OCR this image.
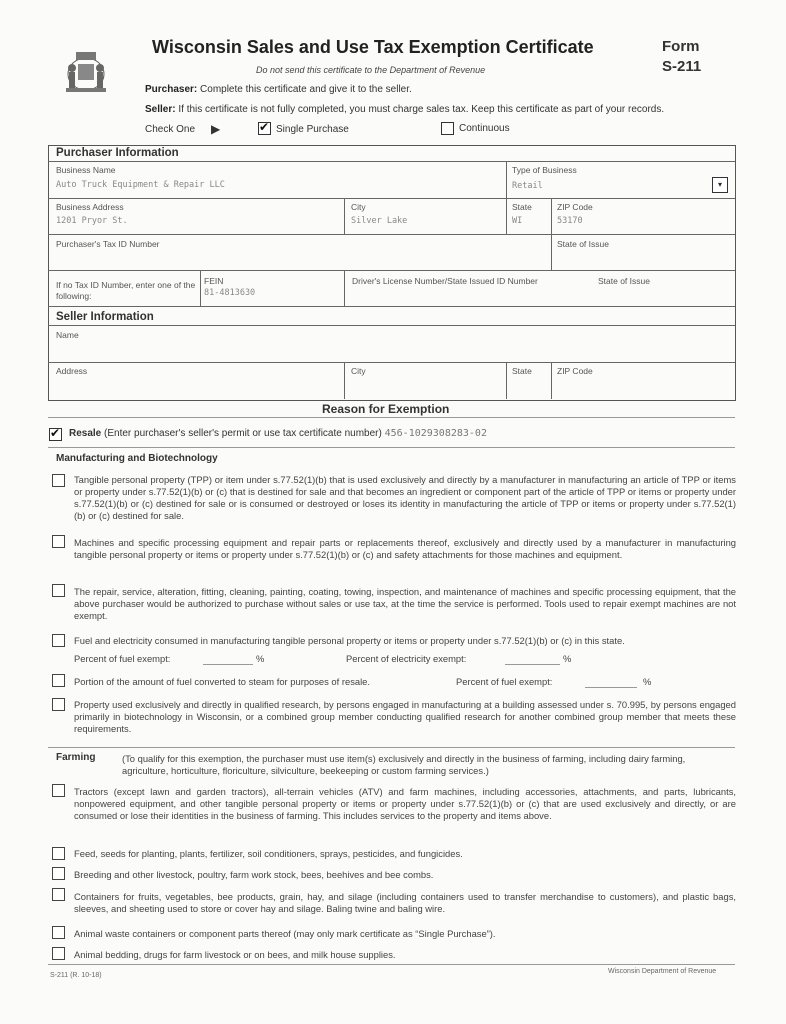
Wisconsin Sales and Use Tax Exemption Certificate	Form
S-211
Do not send this certificate to the Department of Revenue
Purchaser: Complete this certificate and give it to the seller.
Seller: If this certificate is not fully completed, you must charge sales tax. Keep this certificate as part of your records.
Check One ▶
✔	Single Purchase	Continuous
Purchaser Information
Business Name
Auto Truck Equipment & Repair LLC
Type of Business
Retail	▾
Business Address
1201 Pryor St.
City
Silver Lake
State
WI
ZIP Code
53170
Purchaser's Tax ID Number	State of Issue
If no Tax ID Number, enter one of the following:
FEIN
81-4813630
Driver's License Number/State Issued ID Number	State of Issue
Seller Information
Name
Address	City	State	ZIP Code
Reason for Exemption
✔
Resale (Enter purchaser's seller's permit or use tax certificate number) 456-1029308283-02
Manufacturing and Biotechnology
Tangible personal property (TPP) or item under s.77.52(1)(b) that is used exclusively and directly by a manufacturer in manufacturing an article of TPP or items or property under s.77.52(1)(b) or (c) that is destined for sale and that becomes an ingredient or component part of the article of TPP or items or property under s.77.52(1)(b) or (c) destined for sale or is consumed or destroyed or loses its identity in manufacturing the article of TPP or items or property under s.77.52(1)(b) or (c) destined for sale.
Machines and specific processing equipment and repair parts or replacements thereof, exclusively and directly used by a manufacturer in manufacturing tangible personal property or items or property under s.77.52(1)(b) or (c) and safety attachments for those machines and equipment.
The repair, service, alteration, fitting, cleaning, painting, coating, towing, inspection, and maintenance of machines and specific processing equipment, that the above purchaser would be authorized to purchase without sales or use tax, at the time the service is performed. Tools used to repair exempt machines are not exempt.
Fuel and electricity consumed in manufacturing tangible personal property or items or property under s.77.52(1)(b) or (c) in this state.
Percent of fuel exempt:	%	Percent of electricity exempt:	%
Portion of the amount of fuel converted to steam for purposes of resale.	Percent of fuel exempt:	%
Property used exclusively and directly in qualified research, by persons engaged in manufacturing at a building assessed under s. 70.995, by persons engaged primarily in biotechnology in Wisconsin, or a combined group member conducting qualified research for another combined group member that meets these requirements.
Farming	(To qualify for this exemption, the purchaser must use item(s) exclusively and directly in the business of farming, including dairy farming, agriculture, horticulture, floriculture, silviculture, beekeeping or custom farming services.)
Tractors (except lawn and garden tractors), all-terrain vehicles (ATV) and farm machines, including accessories, attachments, and parts, lubricants, nonpowered equipment, and other tangible personal property or items or property under s.77.52(1)(b) or (c) that are used exclusively and directly, or are consumed or lose their identities in the business of farming. This includes services to the property and items above.
Feed, seeds for planting, plants, fertilizer, soil conditioners, sprays, pesticides, and fungicides.
Breeding and other livestock, poultry, farm work stock, bees, beehives and bee combs.
Containers for fruits, vegetables, bee products, grain, hay, and silage (including containers used to transfer merchandise to customers), and plastic bags, sleeves, and sheeting used to store or cover hay and silage. Baling twine and baling wire.
Animal waste containers or component parts thereof (may only mark certificate as “Single Purchase”).
Animal bedding, drugs for farm livestock or on bees, and milk house supplies.
S-211 (R. 10-18)
Wisconsin Department of Revenue
